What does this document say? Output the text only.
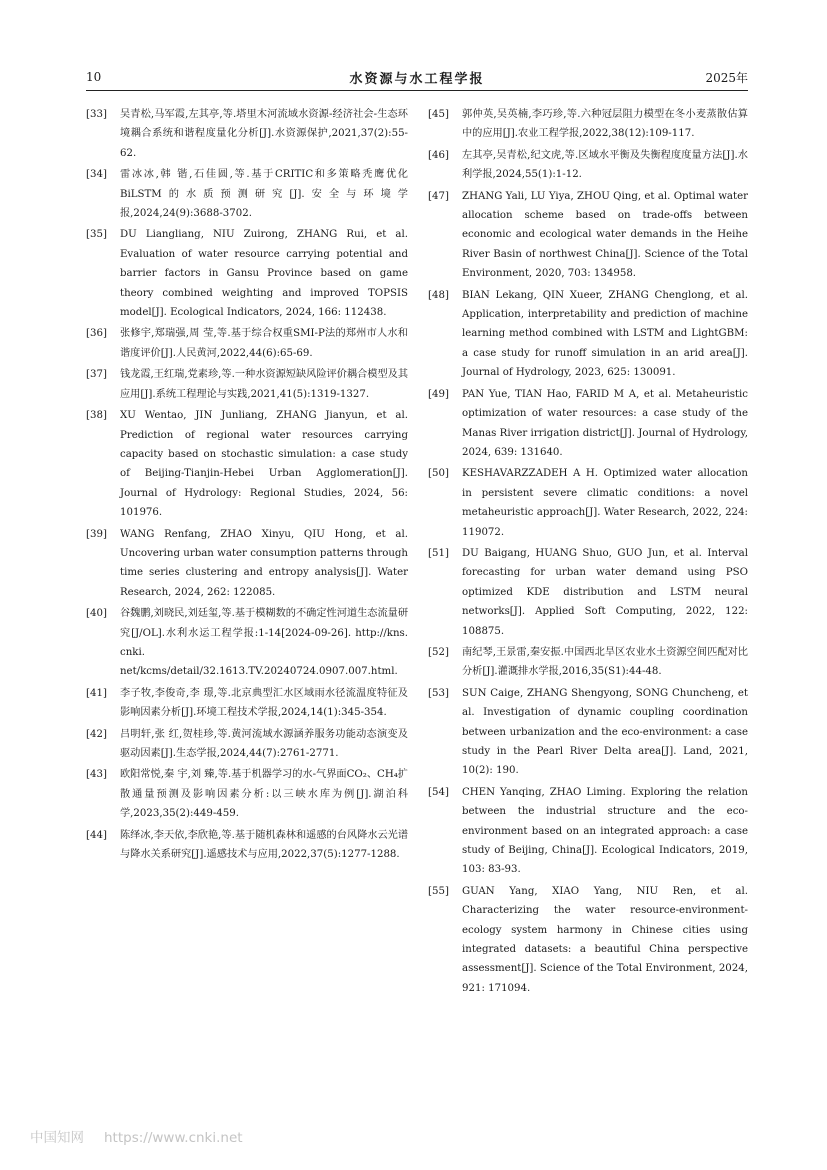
10	水资源与水工程学报	2025年
[33]	吴青松,马军霞,左其亭,等.塔里木河流域水资源-经济社会-生态环境耦合系统和谐程度量化分析[J].水资源保护,2021,37(2):55-62.
[34]	雷冰冰,韩 锴,石佳圆,等.基于CRITIC和多策略秃鹰优化BiLSTM的水质预测研究[J].安全与环境学报,2024,24(9):3688-3702.
[35]	DU Liangliang, NIU Zuirong, ZHANG Rui, et al. Evaluation of water resource carrying potential and barrier factors in Gansu Province based on game theory combined weighting and improved TOPSIS model[J]. Ecological Indicators, 2024, 166: 112438.
[36]	张修宇,郑瑞强,周 莹,等.基于综合权重SMI-P法的郑州市人水和谐度评价[J].人民黄河,2022,44(6):65-69.
[37]	钱龙霞,王红瑞,党素珍,等.一种水资源短缺风险评价耦合模型及其应用[J].系统工程理论与实践,2021,41(5):1319-1327.
[38]	XU Wentao, JIN Junliang, ZHANG Jianyun, et al. Prediction of regional water resources carrying capacity based on stochastic simulation: a case study of Beijing-Tianjin-Hebei Urban Agglomeration[J]. Journal of Hydrology: Regional Studies, 2024, 56: 101976.
[39]	WANG Renfang, ZHAO Xinyu, QIU Hong, et al. Uncovering urban water consumption patterns through time series clustering and entropy analysis[J]. Water Research, 2024, 262: 122085.
[40]	谷魏鹏,刘晓民,刘廷玺,等.基于模糊数的不确定性河道生态流量研究[J/OL].水利水运工程学报:1-14[2024-09-26]. http://kns. cnki. net/kcms/detail/32.1613.TV.20240724.0907.007.html.
[41]	李子牧,李俊奇,李 璟,等.北京典型汇水区域雨水径流温度特征及影响因素分析[J].环境工程技术学报,2024,14(1):345-354.
[42]	吕明轩,张 红,贺桂珍,等.黄河流域水源涵养服务功能动态演变及驱动因素[J].生态学报,2024,44(7):2761-2771.
[43]	欧阳常悦,秦 宇,刘 臻,等.基于机器学习的水-气界面CO₂、CH₄扩散通量预测及影响因素分析:以三峡水库为例[J].湖泊科学,2023,35(2):449-459.
[44]	陈绎冰,李天依,李欣艳,等.基于随机森林和遥感的台风降水云光谱与降水关系研究[J].遥感技术与应用,2022,37(5):1277-1288.
[45]	郭仲英,吴英楠,李巧珍,等.六种冠层阻力模型在冬小麦蒸散估算中的应用[J].农业工程学报,2022,38(12):109-117.
[46]	左其亭,吴青松,纪文虎,等.区域水平衡及失衡程度度量方法[J].水利学报,2024,55(1):1-12.
[47]	ZHANG Yali, LU Yiya, ZHOU Qing, et al. Optimal water allocation scheme based on trade-offs between economic and ecological water demands in the Heihe River Basin of northwest China[J]. Science of the Total Environment, 2020, 703: 134958.
[48]	BIAN Lekang, QIN Xueer, ZHANG Chenglong, et al. Application, interpretability and prediction of machine learning method combined with LSTM and LightGBM: a case study for runoff simulation in an arid area[J]. Journal of Hydrology, 2023, 625: 130091.
[49]	PAN Yue, TIAN Hao, FARID M A, et al. Metaheuristic optimization of water resources: a case study of the Manas River irrigation district[J]. Journal of Hydrology, 2024, 639: 131640.
[50]	KESHAVARZZADEH A H. Optimized water allocation in persistent severe climatic conditions: a novel metaheuristic approach[J]. Water Research, 2022, 224: 119072.
[51]	DU Baigang, HUANG Shuo, GUO Jun, et al. Interval forecasting for urban water demand using PSO optimized KDE distribution and LSTM neural networks[J]. Applied Soft Computing, 2022, 122: 108875.
[52]	南纪琴,王景雷,秦安振.中国西北旱区农业水土资源空间匹配对比分析[J].灌溉排水学报,2016,35(S1):44-48.
[53]	SUN Caige, ZHANG Shengyong, SONG Chuncheng, et al. Investigation of dynamic coupling coordination between urbanization and the eco-environment: a case study in the Pearl River Delta area[J]. Land, 2021, 10(2): 190.
[54]	CHEN Yanqing, ZHAO Liming. Exploring the relation between the industrial structure and the eco-environment based on an integrated approach: a case study of Beijing, China[J]. Ecological Indicators, 2019, 103: 83-93.
[55]	GUAN Yang, XIAO Yang, NIU Ren, et al. Characterizing the water resource-environment-ecology system harmony in Chinese cities using integrated datasets: a beautiful China perspective assessment[J]. Science of the Total Environment, 2024, 921: 171094.
中国知网 https://www.cnki.net
